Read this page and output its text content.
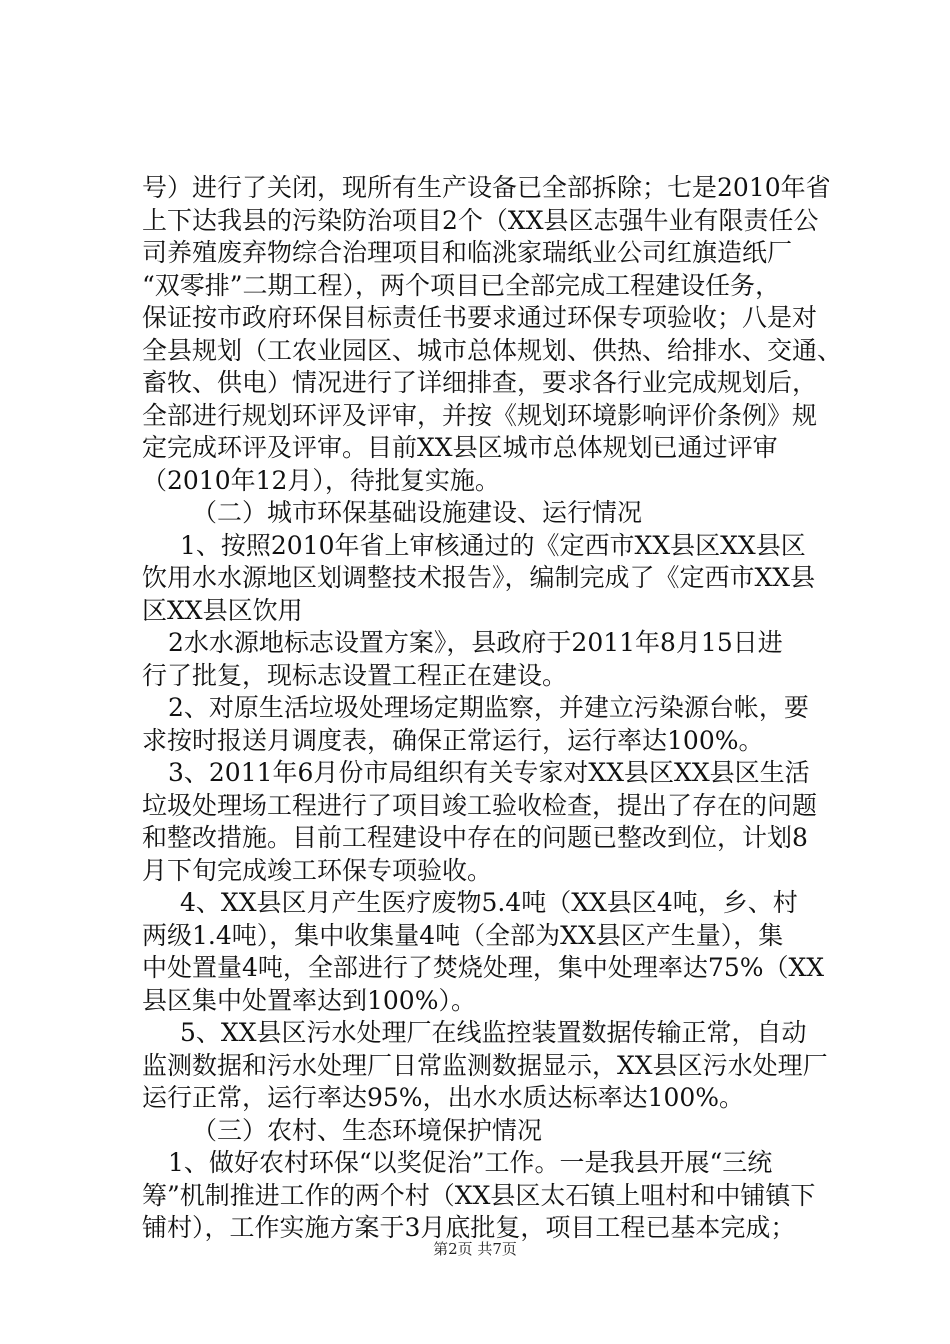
号）进行了关闭，现所有生产设备已全部拆除；七是2010年省
上下达我县的污染防治项目2个（XX县区志强牛业有限责任公
司养殖废弃物综合治理项目和临洮家瑞纸业公司红旗造纸厂
“双零排”二期工程），两个项目已全部完成工程建设任务，
保证按市政府环保目标责任书要求通过环保专项验收；八是对
全县规划（工农业园区、城市总体规划、供热、给排水、交通、
畜牧、供电）情况进行了详细排查，要求各行业完成规划后，
全部进行规划环评及评审，并按《规划环境影响评价条例》规
定完成环评及评审。目前XX县区城市总体规划已通过评审
（2010年12月），待批复实施。
（二）城市环保基础设施建设、运行情况
1、按照2010年省上审核通过的《定西市XX县区XX县区
饮用水水源地区划调整技术报告》，编制完成了《定西市XX县
区XX县区饮用
2水水源地标志设置方案》，县政府于2011年8月15日进
行了批复，现标志设置工程正在建设。
2、对原生活垃圾处理场定期监察，并建立污染源台帐，要
求按时报送月调度表，确保正常运行，运行率达100%。
3、2011年6月份市局组织有关专家对XX县区XX县区生活
垃圾处理场工程进行了项目竣工验收检查，提出了存在的问题
和整改措施。目前工程建设中存在的问题已整改到位，计划8
月下旬完成竣工环保专项验收。
4、XX县区月产生医疗废物5.4吨（XX县区4吨，乡、村
两级1.4吨），集中收集量4吨（全部为XX县区产生量），集
中处置量4吨，全部进行了焚烧处理，集中处理率达75%（XX
县区集中处置率达到100%）。
5、XX县区污水处理厂在线监控装置数据传输正常，自动
监测数据和污水处理厂日常监测数据显示，XX县区污水处理厂
运行正常，运行率达95%，出水水质达标率达100%。
（三）农村、生态环境保护情况
1、做好农村环保“以奖促治”工作。一是我县开展“三统
筹”机制推进工作的两个村（XX县区太石镇上咀村和中铺镇下
铺村），工作实施方案于3月底批复，项目工程已基本完成；
第2页 共7页
